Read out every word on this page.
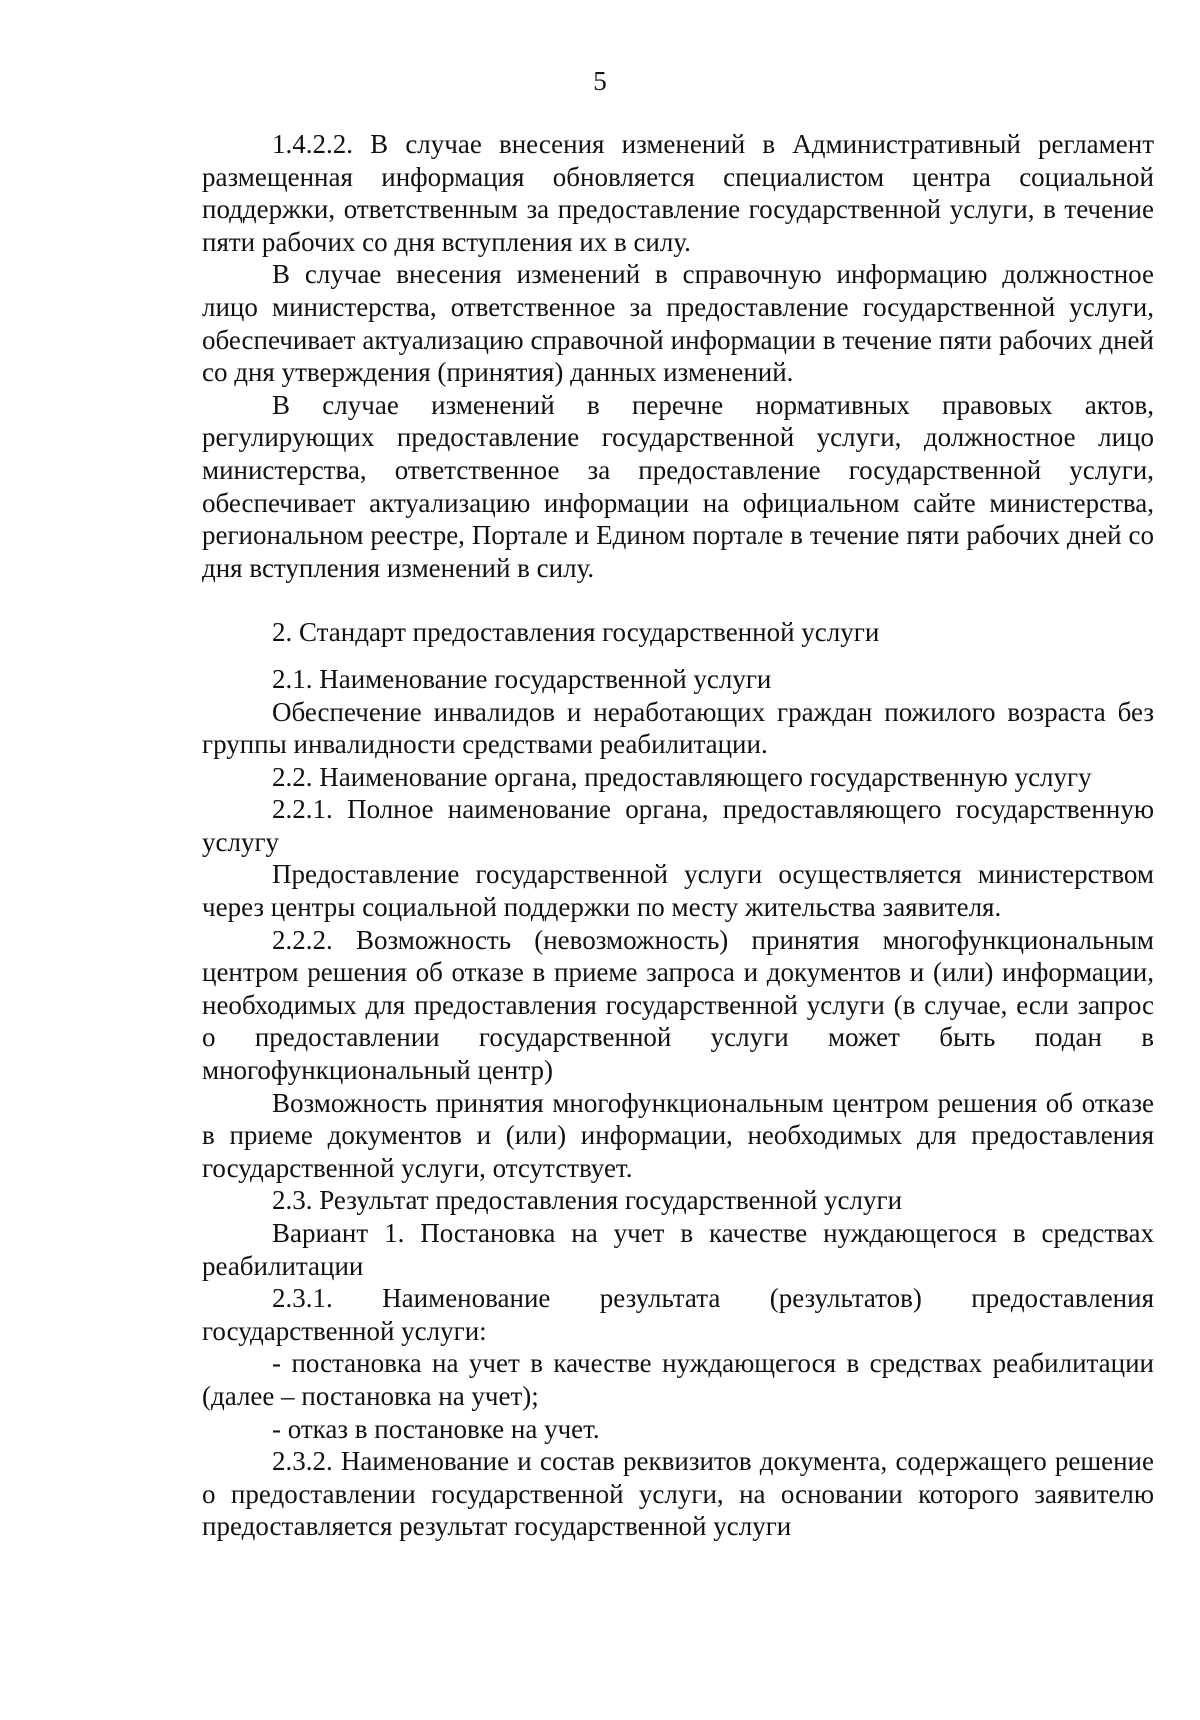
5

1.4.2.2. В случае внесения изменений в Административный регламент размещенная информация обновляется специалистом центра социальной поддержки, ответственным за предоставление государственной услуги, в течение пяти рабочих со дня вступления их в силу.

В случае внесения изменений в справочную информацию должностное лицо министерства, ответственное за предоставление государственной услуги, обеспечивает актуализацию справочной информации в течение пяти рабочих дней со дня утверждения (принятия) данных изменений.

В случае изменений в перечне нормативных правовых актов, регулирующих предоставление государственной услуги, должностное лицо министерства, ответственное за предоставление государственной услуги, обеспечивает актуализацию информации на официальном сайте министерства, региональном реестре, Портале и Едином портале в течение пяти рабочих дней со дня вступления изменений в силу.

2. Стандарт предоставления государственной услуги

2.1. Наименование государственной услуги

Обеспечение инвалидов и неработающих граждан пожилого возраста без группы инвалидности средствами реабилитации.

2.2. Наименование органа, предоставляющего государственную услугу

2.2.1. Полное наименование органа, предоставляющего государственную услугу

Предоставление государственной услуги осуществляется министерством через центры социальной поддержки по месту жительства заявителя.

2.2.2. Возможность (невозможность) принятия многофункциональным центром решения об отказе в приеме запроса и документов и (или) информации, необходимых для предоставления государственной услуги (в случае, если запрос о предоставлении государственной услуги может быть подан в многофункциональный центр)

Возможность принятия многофункциональным центром решения об отказе в приеме документов и (или) информации, необходимых для предоставления государственной услуги, отсутствует.

2.3. Результат предоставления государственной услуги

Вариант 1. Постановка на учет в качестве нуждающегося в средствах реабилитации

2.3.1. Наименование результата (результатов) предоставления государственной услуги:

- постановка на учет в качестве нуждающегося в средствах реабилитации (далее – постановка на учет);

- отказ в постановке на учет.

2.3.2. Наименование и состав реквизитов документа, содержащего решение о предоставлении государственной услуги, на основании которого заявителю предоставляется результат государственной услуги
